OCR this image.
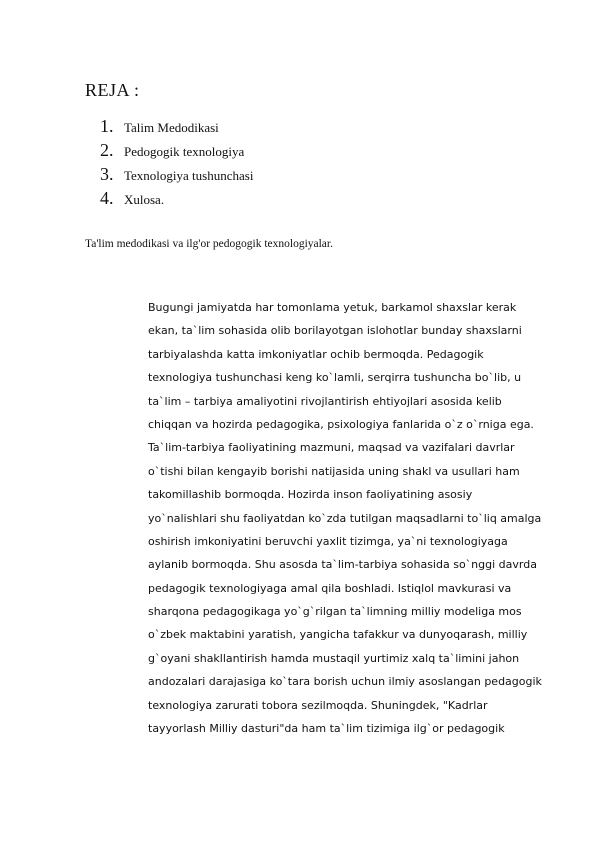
REJA :
1. Talim Medodikasi
2. Pedogogik texnologiya
3. Texnologiya tushunchasi
4. Xulosa.
Ta'lim medodikasi va ilg'or pedogogik texnologiyalar.
Bugungi jamiyatda har tomonlama yetuk, barkamol shaxslar kerak
ekan, ta`lim sohasida olib borilayotgan islohotlar bunday shaxslarni
tarbiyalashda katta imkoniyatlar ochib bermoqda. Pedagogik
texnologiya tushunchasi keng ko`lamli, serqirra tushuncha bo`lib, u
ta`lim – tarbiya amaliyotini rivojlantirish ehtiyojlari asosida kelib
chiqqan va hozirda pedagogika, psixologiya fanlarida o`z o`rniga ega.
Ta`lim-tarbiya faoliyatining mazmuni, maqsad va vazifalari davrlar
o`tishi bilan kengayib borishi natijasida uning shakl va usullari ham
takomillashib bormoqda. Hozirda inson faoliyatining asosiy
yo`nalishlari shu faoliyatdan ko`zda tutilgan maqsadlarni to`liq amalga
oshirish imkoniyatini beruvchi yaxlit tizimga, ya`ni texnologiyaga
aylanib bormoqda. Shu asosda ta`lim-tarbiya sohasida so`nggi davrda
pedagogik texnologiyaga amal qila boshladi. Istiqlol mavkurasi va
sharqona pedagogikaga yo`g`rilgan ta`limning milliy modeliga mos
o`zbek maktabini yaratish, yangicha tafakkur va dunyoqarash, milliy
g`oyani shakllantirish hamda mustaqil yurtimiz xalq ta`limini jahon
andozalari darajasiga ko`tara borish uchun ilmiy asoslangan pedagogik
texnologiya zarurati tobora sezilmoqda. Shuningdek, "Kadrlar
tayyorlash Milliy dasturi"da ham ta`lim tizimiga ilg`or pedagogik
